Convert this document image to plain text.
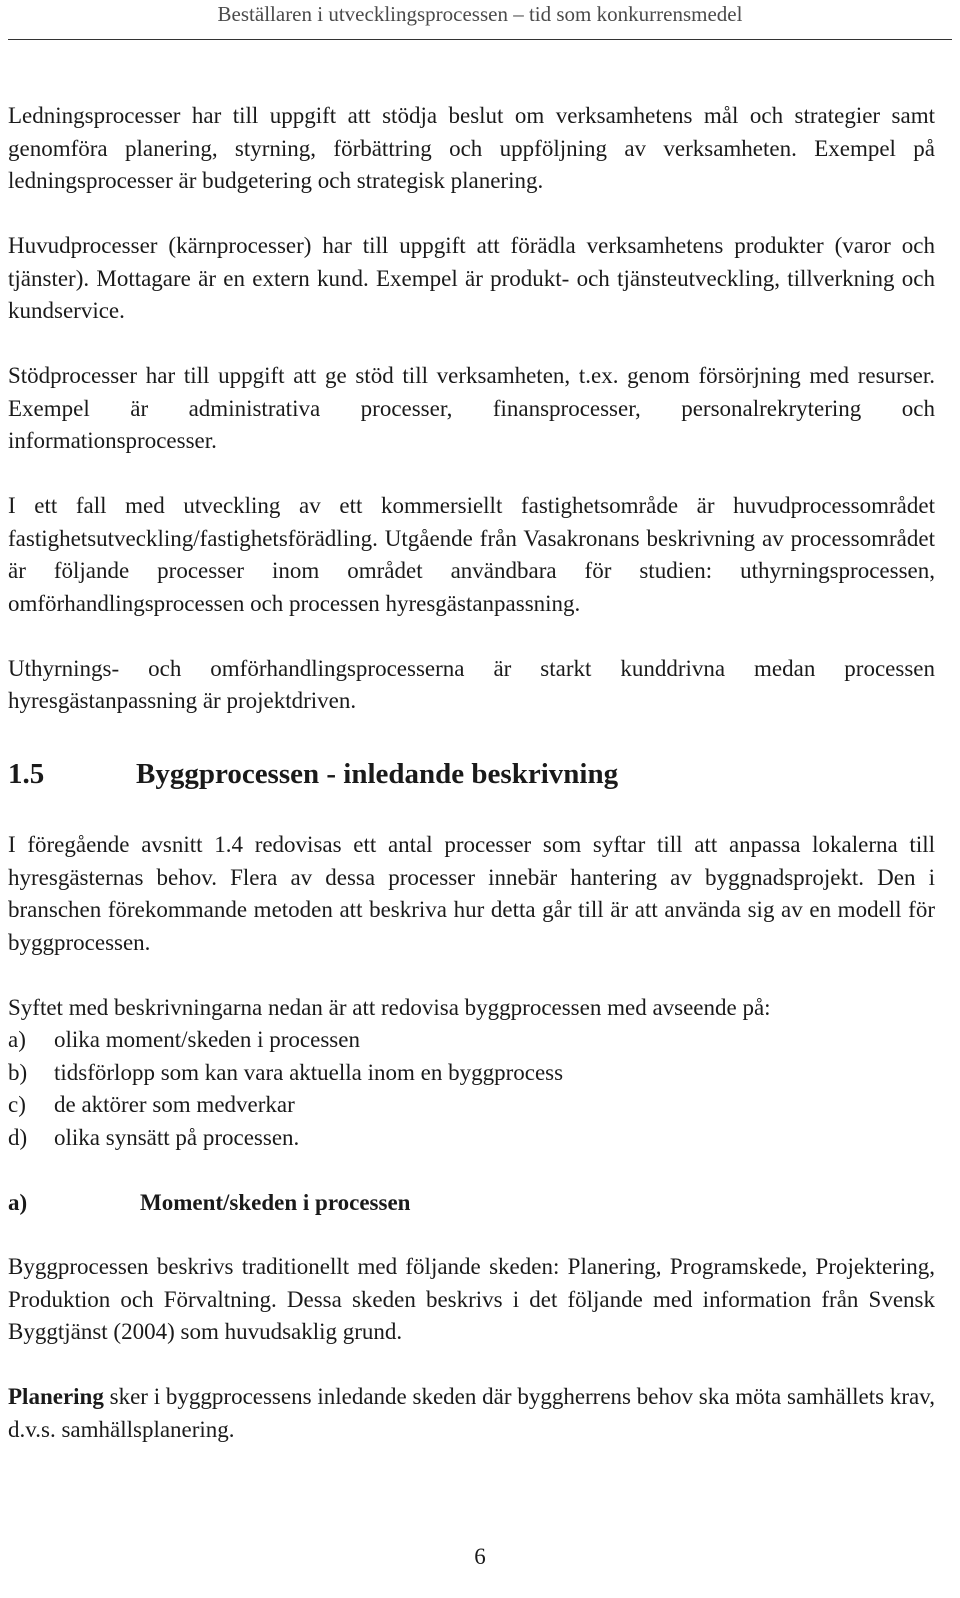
Beställaren i utvecklingsprocessen – tid som konkurrensmedel

Ledningsprocesser har till uppgift att stödja beslut om verksamhetens mål och strategier samt genomföra planering, styrning, förbättring och uppföljning av verksamheten. Exempel på ledningsprocesser är budgetering och strategisk planering.

Huvudprocesser (kärnprocesser) har till uppgift att förädla verksamhetens produkter (varor och tjänster). Mottagare är en extern kund. Exempel är produkt- och tjänsteutveckling, tillverkning och kundservice.

Stödprocesser har till uppgift att ge stöd till verksamheten, t.ex. genom försörjning med resurser. Exempel är administrativa processer, finansprocesser, personalrekrytering och informationsprocesser.

I ett fall med utveckling av ett kommersiellt fastighetsområde är huvudprocessområdet fastighetsutveckling/fastighetsförädling. Utgående från Vasakronans beskrivning av processområdet är följande processer inom området användbara för studien: uthyrningsprocessen, omförhandlingsprocessen och processen hyresgästanpassning.

Uthyrnings- och omförhandlingsprocesserna är starkt kunddrivna medan processen hyresgästanpassning är projektdriven.

1.5	Byggprocessen - inledande beskrivning

I föregående avsnitt 1.4 redovisas ett antal processer som syftar till att anpassa lokalerna till hyresgästernas behov. Flera av dessa processer innebär hantering av byggnadsprojekt. Den i branschen förekommande metoden att beskriva hur detta går till är att använda sig av en modell för byggprocessen.

Syftet med beskrivningarna nedan är att redovisa byggprocessen med avseende på:

a)	olika moment/skeden i processen
b)	tidsförlopp som kan vara aktuella inom en byggprocess
c)	de aktörer som medverkar
d)	olika synsätt på processen.
a)	Moment/skeden i processen

Byggprocessen beskrivs traditionellt med följande skeden: Planering, Programskede, Projektering, Produktion och Förvaltning. Dessa skeden beskrivs i det följande med information från Svensk Byggtjänst (2004) som huvudsaklig grund.

Planering sker i byggprocessens inledande skeden där byggherrens behov ska möta samhällets krav, d.v.s. samhällsplanering.

6
